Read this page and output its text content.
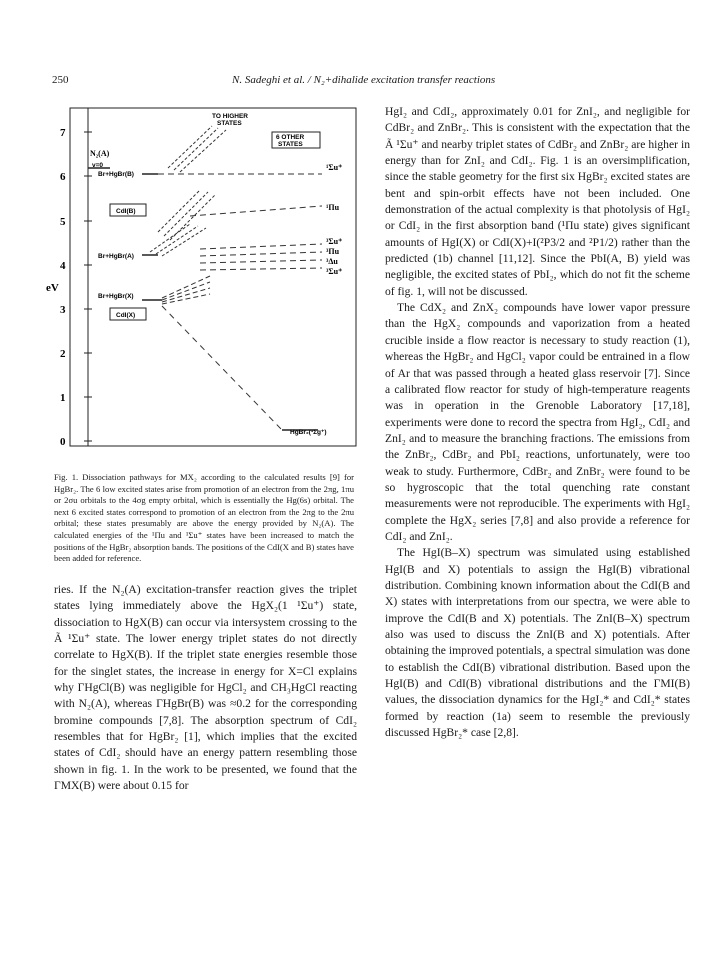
250	N. Sadeghi et al. / N₂+dihalide excitation transfer reactions
7
6
5
4
3
2
1
0
eV
N₂(A)
v=0
TO HIGHER
STATES
6 OTHER
STATES
Br+HgBr(B)
¹Σu⁺
¹Πu
CdI(B)
Br+HgBr(A)
³Σu⁺
³Πu
³Δu
³Σu⁺
Br+HgBr(X)
CdI(X)
HgBr₂(¹Σg⁺)

Fig. 1. Dissociation pathways for MX₂ according to the calculated results [9] for HgBr₂. The 6 low excited states arise from promotion of an electron from the 2πg, 1πu or 2σu orbitals to the 4σg empty orbital, which is essentially the Hg(6s) orbital. The next 6 excited states correspond to promotion of an electron from the 2πg to the 2πu orbital; these states presumably are above the energy provided by N₂(A). The calculated energies of the ¹Πu and ¹Σu⁺ states have been increased to match the positions of the HgBr₂ absorption bands. The positions of the CdI(X and B) states have been added for reference.

ries. If the N₂(A) excitation-transfer reaction gives the triplet states lying immediately above the HgX₂(1 ¹Σu⁺) state, dissociation to HgX(B) can occur via intersystem crossing to the Ã ¹Σu⁺ state. The lower energy triplet states do not directly correlate to HgX(B). If the triplet state energies resemble those for the singlet states, the increase in energy for X=Cl explains why ΓHgCl(B) was negligible for HgCl₂ and CH₃HgCl reacting with N₂(A), whereas ΓHgBr(B) was ≈0.2 for the corresponding bromine compounds [7,8]. The absorption spectrum of CdI₂ resembles that for HgBr₂ [1], which implies that the excited states of CdI₂ should have an energy pattern resembling those shown in fig. 1. In the work to be presented, we found that the ΓMX(B) were about 0.15 for

HgI₂ and CdI₂, approximately 0.01 for ZnI₂, and negligible for CdBr₂ and ZnBr₂. This is consistent with the expectation that the Ã ¹Σu⁺ and nearby triplet states of CdBr₂ and ZnBr₂ are higher in energy than for ZnI₂ and CdI₂. Fig. 1 is an oversimplification, since the stable geometry for the first six HgBr₂ excited states are bent and spin-orbit effects have not been included. One demonstration of the actual complexity is that photolysis of HgI₂ or CdI₂ in the first absorption band (¹Πu state) gives significant amounts of HgI(X) or CdI(X)+I(²P3/2 and ²P1/2) rather than the predicted (1b) channel [11,12]. Since the PbI(A, B) yield was negligible, the excited states of PbI₂, which do not fit the scheme of fig. 1, will not be discussed.

The CdX₂ and ZnX₂ compounds have lower vapor pressure than the HgX₂ compounds and vaporization from a heated crucible inside a flow reactor is necessary to study reaction (1), whereas the HgBr₂ and HgCl₂ vapor could be entrained in a flow of Ar that was passed through a heated glass reservoir [7]. Since a calibrated flow reactor for study of high-temperature reagents was in operation in the Grenoble Laboratory [17,18], experiments were done to record the spectra from HgI₂, CdI₂ and ZnI₂ and to measure the branching fractions. The emissions from the ZnBr₂, CdBr₂ and PbI₂ reactions, unfortunately, were too weak to study. Furthermore, CdBr₂ and ZnBr₂ were found to be so hygroscopic that the total quenching rate constant measurements were not reproducible. The experiments with HgI₂ complete the HgX₂ series [7,8] and also provide a reference for CdI₂ and ZnI₂.

The HgI(B–X) spectrum was simulated using established HgI(B and X) potentials to assign the HgI(B) vibrational distribution. Combining known information about the CdI(B and X) states with interpretations from our spectra, we were able to improve the CdI(B and X) potentials. The ZnI(B–X) spectrum also was used to discuss the ZnI(B and X) potentials. After obtaining the improved potentials, a spectral simulation was done to establish the CdI(B) vibrational distribution. Based upon the HgI(B) and CdI(B) vibrational distributions and the ΓMI(B) values, the dissociation dynamics for the HgI₂* and CdI₂* states formed by reaction (1a) seem to resemble the previously discussed HgBr₂* case [2,8].
